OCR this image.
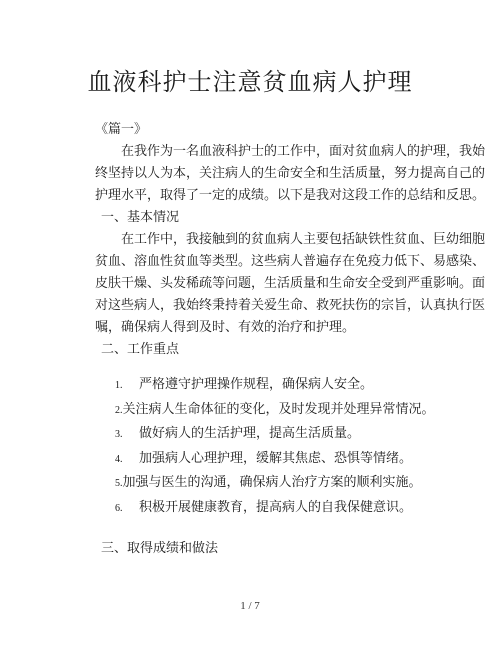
血液科护士注意贫血病人护理

《篇一》

在我作为一名血液科护士的工作中，面对贫血病人的护理，我始

终坚持以人为本，关注病人的生命安全和生活质量，努力提高自己的

护理水平，取得了一定的成绩。以下是我对这段工作的总结和反思。

一、基本情况

在工作中，我接触到的贫血病人主要包括缺铁性贫血、巨幼细胞

贫血、溶血性贫血等类型。这些病人普遍存在免疫力低下、易感染、

皮肤干燥、头发稀疏等问题，生活质量和生命安全受到严重影响。面

对这些病人，我始终秉持着关爱生命、救死扶伤的宗旨，认真执行医

嘱，确保病人得到及时、有效的治疗和护理。

二、工作重点

1.	严格遵守护理操作规程，确保病人安全。
2. 关注病人生命体征的变化，及时发现并处理异常情况。
3.	做好病人的生活护理，提高生活质量。
4.	加强病人心理护理，缓解其焦虑、恐惧等情绪。
5. 加强与医生的沟通，确保病人治疗方案的顺利实施。
6.	积极开展健康教育，提高病人的自我保健意识。

三、取得成绩和做法

1 / 7
